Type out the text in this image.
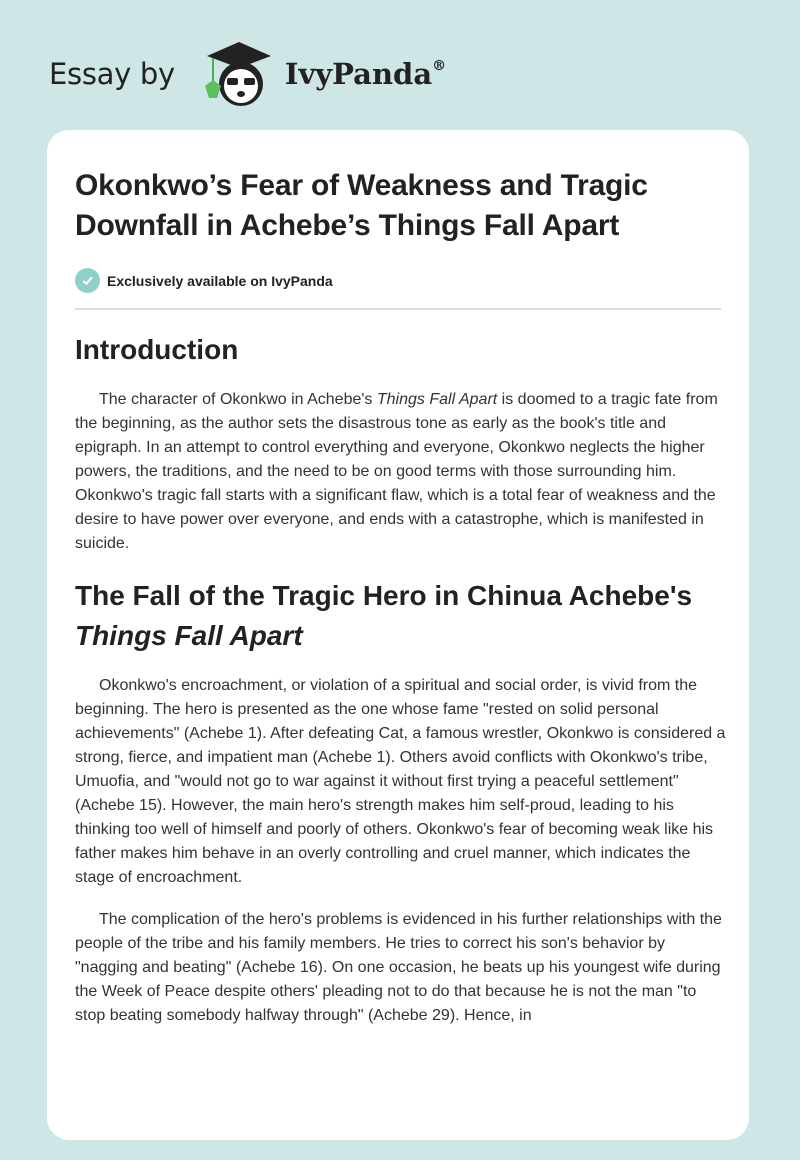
Essay by	IvyPanda®
Okonkwo’s Fear of Weakness and Tragic Downfall in Achebe’s Things Fall Apart
Exclusively available on IvyPanda
Introduction

The character of Okonkwo in Achebe's Things Fall Apart is doomed to a tragic fate from the beginning, as the author sets the disastrous tone as early as the book's title and epigraph. In an attempt to control everything and everyone, Okonkwo neglects the higher powers, the traditions, and the need to be on good terms with those surrounding him. Okonkwo's tragic fall starts with a significant flaw, which is a total fear of weakness and the desire to have power over everyone, and ends with a catastrophe, which is manifested in suicide.

The Fall of the Tragic Hero in Chinua Achebe's
Things Fall Apart

Okonkwo's encroachment, or violation of a spiritual and social order, is vivid from the beginning. The hero is presented as the one whose fame "rested on solid personal achievements" (Achebe 1). After defeating Cat, a famous wrestler, Okonkwo is considered a strong, fierce, and impatient man (Achebe 1). Others avoid conflicts with Okonkwo's tribe, Umuofia, and "would not go to war against it without first trying a peaceful settlement" (Achebe 15). However, the main hero's strength makes him self-proud, leading to his thinking too well of himself and poorly of others. Okonkwo's fear of becoming weak like his father makes him behave in an overly controlling and cruel manner, which indicates the stage of encroachment.

The complication of the hero's problems is evidenced in his further relationships with the people of the tribe and his family members. He tries to correct his son's behavior by "nagging and beating" (Achebe 16). On one occasion, he beats up his youngest wife during the Week of Peace despite others' pleading not to do that because he is not the man "to stop beating somebody halfway through" (Achebe 29). Hence, in
